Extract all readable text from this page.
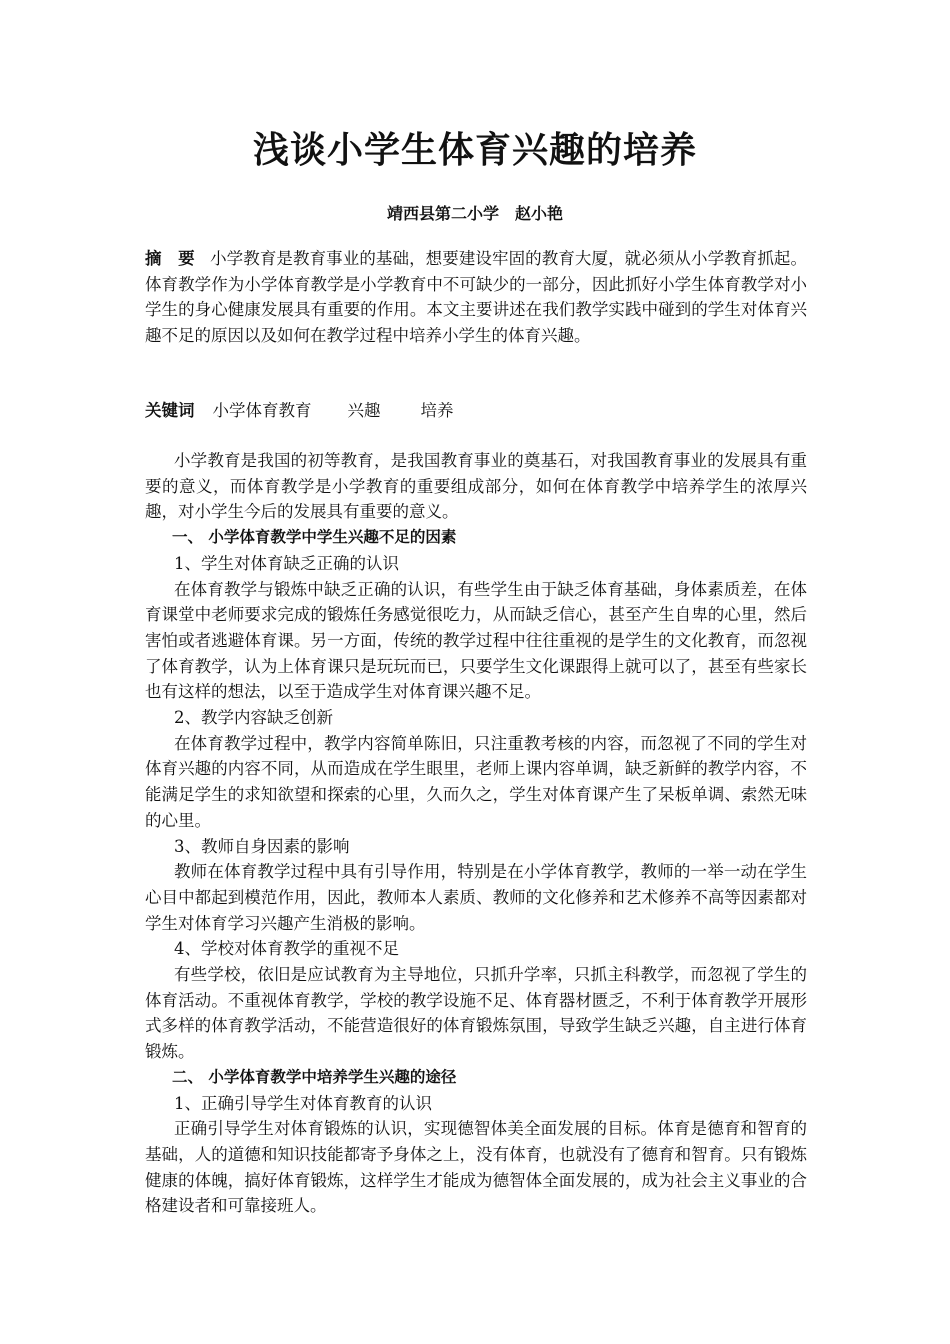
浅谈小学生体育兴趣的培养
靖西县第二小学　赵小艳
摘　要 小学教育是教育事业的基础，想要建设牢固的教育大厦，就必须从小学教育抓起。体育教学作为小学体育教学是小学教育中不可缺少的一部分，因此抓好小学生体育教学对小学生的身心健康发展具有重要的作用。本文主要讲述在我们教学实践中碰到的学生对体育兴趣不足的原因以及如何在教学过程中培养小学生的体育兴趣。
关键词 小学体育教育 兴趣 培养

小学教育是我国的初等教育，是我国教育事业的奠基石，对我国教育事业的发展具有重要的意义，而体育教学是小学教育的重要组成部分，如何在体育教学中培养学生的浓厚兴趣，对小学生今后的发展具有重要的意义。

一、 小学体育教学中学生兴趣不足的因素

1、学生对体育缺乏正确的认识

在体育教学与锻炼中缺乏正确的认识，有些学生由于缺乏体育基础，身体素质差，在体育课堂中老师要求完成的锻炼任务感觉很吃力，从而缺乏信心，甚至产生自卑的心里，然后害怕或者逃避体育课。另一方面，传统的教学过程中往往重视的是学生的文化教育，而忽视了体育教学，认为上体育课只是玩玩而已，只要学生文化课跟得上就可以了，甚至有些家长也有这样的想法，以至于造成学生对体育课兴趣不足。

2、教学内容缺乏创新

在体育教学过程中，教学内容简单陈旧，只注重教考核的内容，而忽视了不同的学生对体育兴趣的内容不同，从而造成在学生眼里，老师上课内容单调，缺乏新鲜的教学内容，不能满足学生的求知欲望和探索的心里，久而久之，学生对体育课产生了呆板单调、索然无味的心里。

3、教师自身因素的影响

教师在体育教学过程中具有引导作用，特别是在小学体育教学，教师的一举一动在学生心目中都起到模范作用，因此，教师本人素质、教师的文化修养和艺术修养不高等因素都对学生对体育学习兴趣产生消极的影响。

4、学校对体育教学的重视不足

有些学校，依旧是应试教育为主导地位，只抓升学率，只抓主科教学，而忽视了学生的体育活动。不重视体育教学，学校的教学设施不足、体育器材匮乏，不利于体育教学开展形式多样的体育教学活动，不能营造很好的体育锻炼氛围，导致学生缺乏兴趣，自主进行体育锻炼。

二、 小学体育教学中培养学生兴趣的途径

1、正确引导学生对体育教育的认识

正确引导学生对体育锻炼的认识，实现德智体美全面发展的目标。体育是德育和智育的基础，人的道德和知识技能都寄予身体之上，没有体育，也就没有了德育和智育。只有锻炼健康的体魄，搞好体育锻炼，这样学生才能成为德智体全面发展的，成为社会主义事业的合格建设者和可靠接班人。
